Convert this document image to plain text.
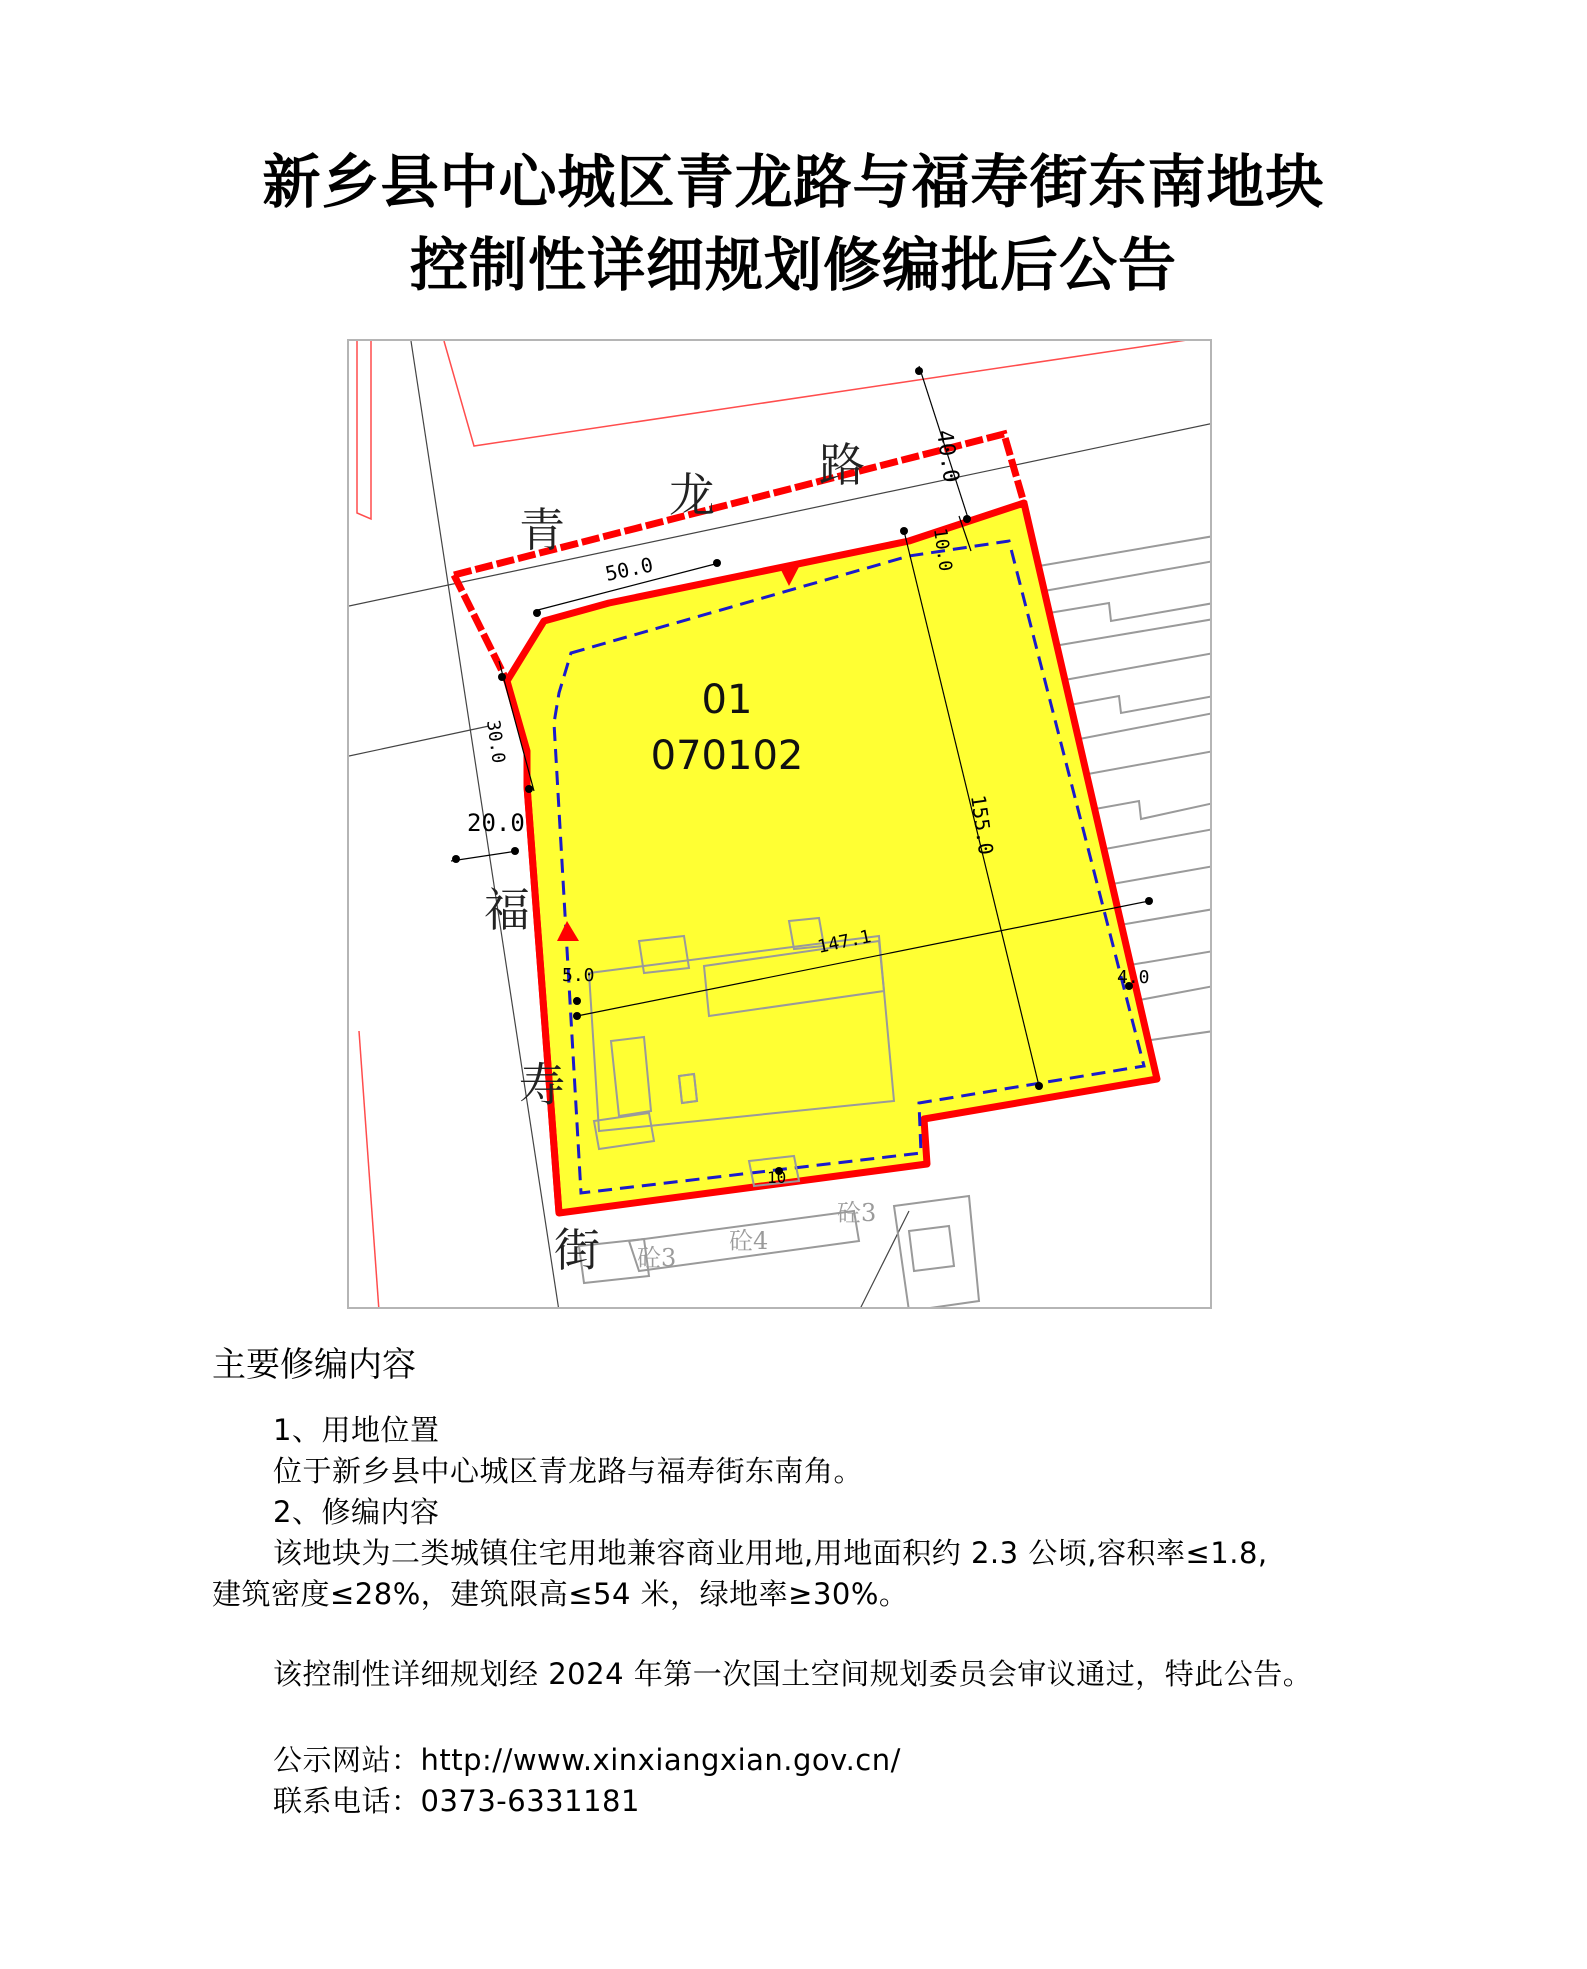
新乡县中心城区青龙路与福寿街东南地块
控制性详细规划修编批后公告
青
龙
路
福
寿
街
01
070102
50.0
40.0
10.0
30.0
20.0	155.0
147.1
5.0	4.0
10
砼4
砼3
砼3
主要修编内容
1、用地位置
位于新乡县中心城区青龙路与福寿街东南角。
2、修编内容
该地块为二类城镇住宅用地兼容商业用地,用地面积约 2.3 公顷,容积率≤1.8,
建筑密度≤28%，建筑限高≤54 米，绿地率≥30%。
该控制性详细规划经 2024 年第一次国土空间规划委员会审议通过，特此公告。
公示网站：http://www.xinxiangxian.gov.cn/
联系电话：0373-6331181
